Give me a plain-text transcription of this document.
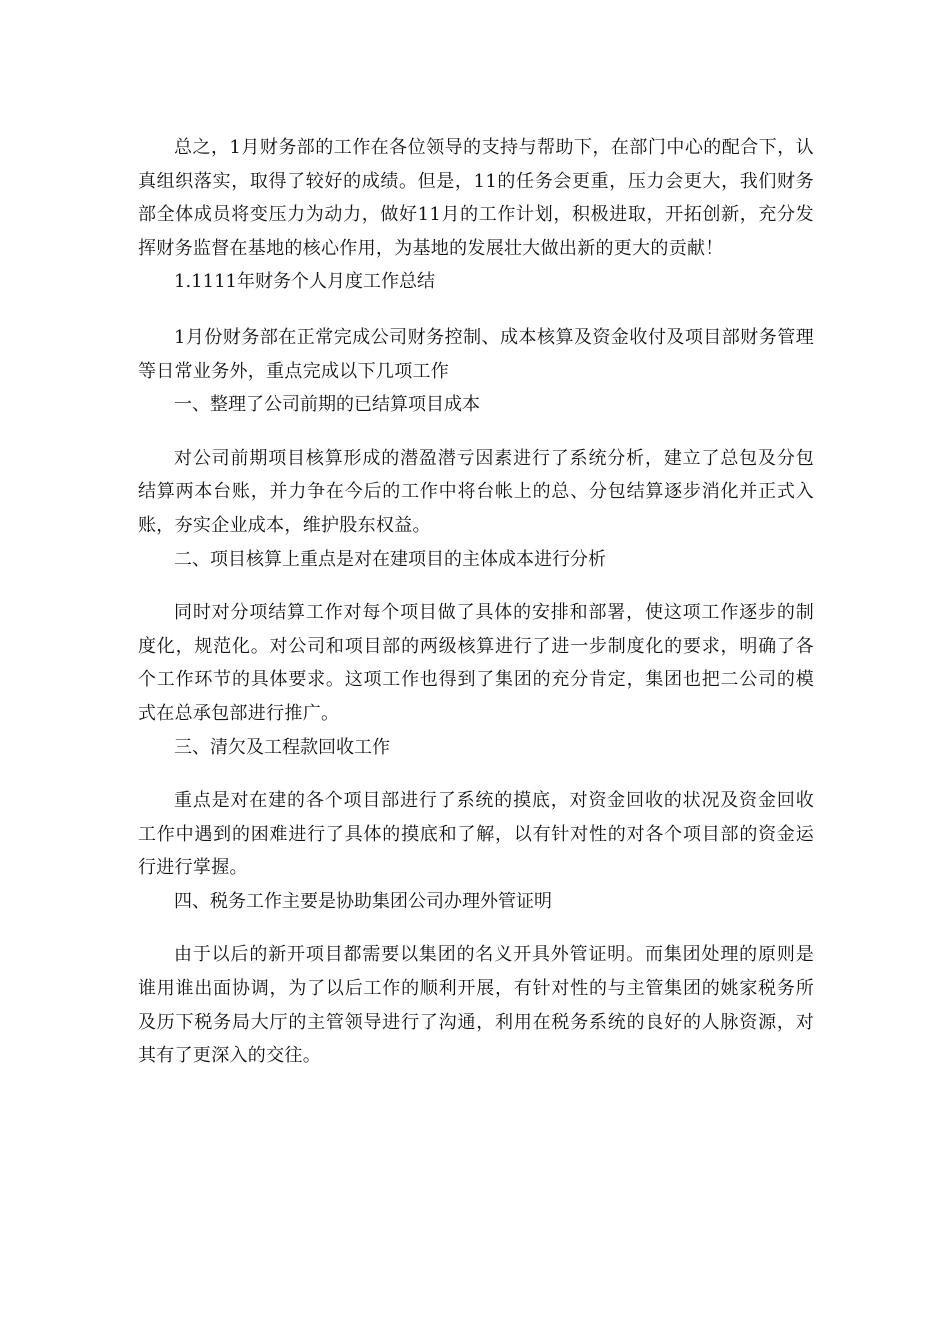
总之，1月财务部的工作在各位领导的支持与帮助下，在部门中心的配合下，认真组织落实，取得了较好的成绩。但是，11的任务会更重，压力会更大，我们财务部全体成员将变压力为动力，做好11月的工作计划，积极进取，开拓创新，充分发挥财务监督在基地的核心作用，为基地的发展壮大做出新的更大的贡献！

1.1111年财务个人月度工作总结

1月份财务部在正常完成公司财务控制、成本核算及资金收付及项目部财务管理等日常业务外，重点完成以下几项工作

一、整理了公司前期的已结算项目成本

对公司前期项目核算形成的潜盈潜亏因素进行了系统分析，建立了总包及分包结算两本台账，并力争在今后的工作中将台帐上的总、分包结算逐步消化并正式入账，夯实企业成本，维护股东权益。

二、项目核算上重点是对在建项目的主体成本进行分析

同时对分项结算工作对每个项目做了具体的安排和部署，使这项工作逐步的制度化，规范化。对公司和项目部的两级核算进行了进一步制度化的要求，明确了各个工作环节的具体要求。这项工作也得到了集团的充分肯定，集团也把二公司的模式在总承包部进行推广。

三、清欠及工程款回收工作

重点是对在建的各个项目部进行了系统的摸底，对资金回收的状况及资金回收工作中遇到的困难进行了具体的摸底和了解，以有针对性的对各个项目部的资金运行进行掌握。

四、税务工作主要是协助集团公司办理外管证明

由于以后的新开项目都需要以集团的名义开具外管证明。而集团处理的原则是谁用谁出面协调，为了以后工作的顺利开展，有针对性的与主管集团的姚家税务所及历下税务局大厅的主管领导进行了沟通，利用在税务系统的良好的人脉资源，对其有了更深入的交往。
